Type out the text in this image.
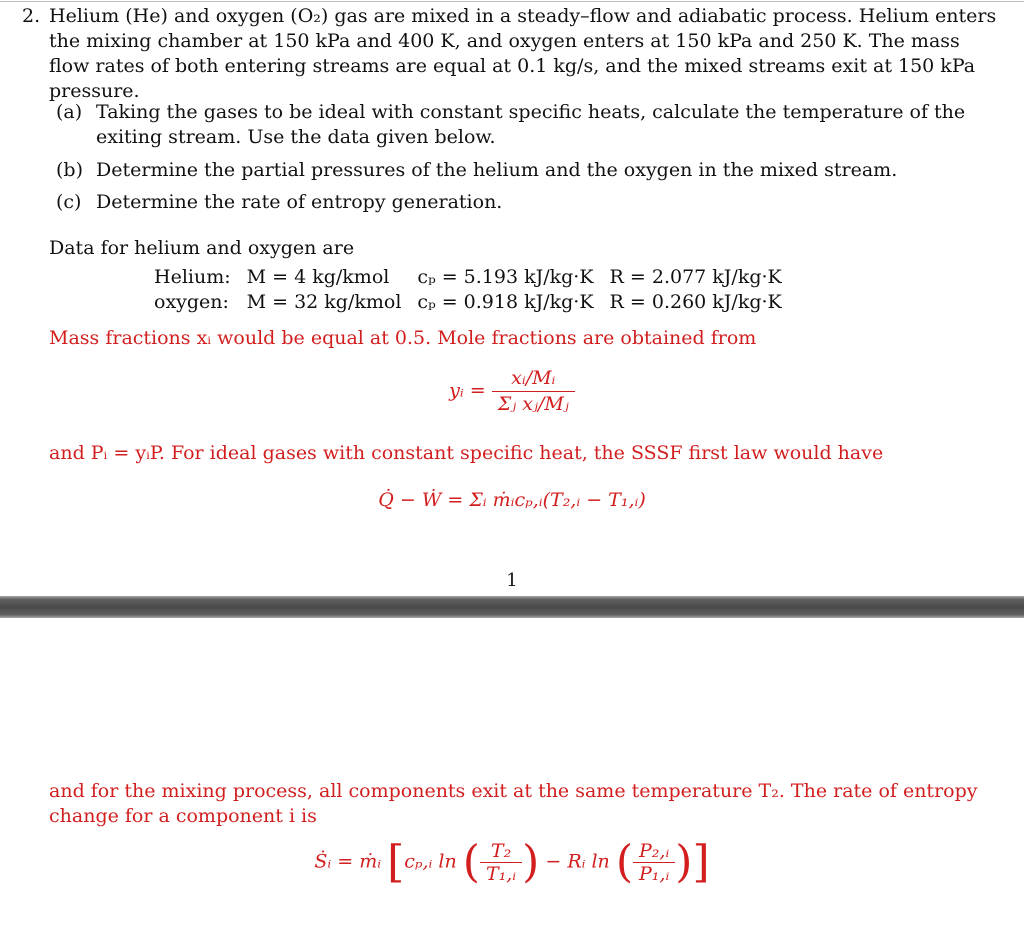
2. Helium (He) and oxygen (O₂) gas are mixed in a steady–flow and adiabatic process. Helium enters the mixing chamber at 150 kPa and 400 K, and oxygen enters at 150 kPa and 250 K. The mass flow rates of both entering streams are equal at 0.1 kg/s, and the mixed streams exit at 150 kPa pressure.

(a) Taking the gases to be ideal with constant specific heats, calculate the temperature of the exiting stream. Use the data given below.
(b) Determine the partial pressures of the helium and the oxygen in the mixed stream.
(c) Determine the rate of entropy generation.

Data for helium and oxygen are

Helium:	M = 4 kg/kmol	cₚ = 5.193 kJ/kg·K	R = 2.077 kJ/kg·K
oxygen:	M = 32 kg/kmol	cₚ = 0.918 kJ/kg·K	R = 0.260 kJ/kg·K

Mass fractions xᵢ would be equal at 0.5. Mole fractions are obtained from

yᵢ = $\frac{\text{xᵢ/Mᵢ}}{\text{Σⱼ xⱼ/Mⱼ}}$

and Pᵢ = yᵢP. For ideal gases with constant specific heat, the SSSF first law would have

Q̇ − Ẇ = Σᵢ ṁᵢcₚ,ᵢ(T₂,ᵢ − T₁,ᵢ)
1

and for the mixing process, all components exit at the same temperature T₂. The rate of entropy change for a component i is

Ṡᵢ = ṁᵢ [cₚ,ᵢ ln ( $\frac{\text{T₂}}{\text{T₁,ᵢ}}$ ) − Rᵢ ln ( $\frac{\text{P₂,ᵢ}}{\text{P₁,ᵢ}}$ )]
